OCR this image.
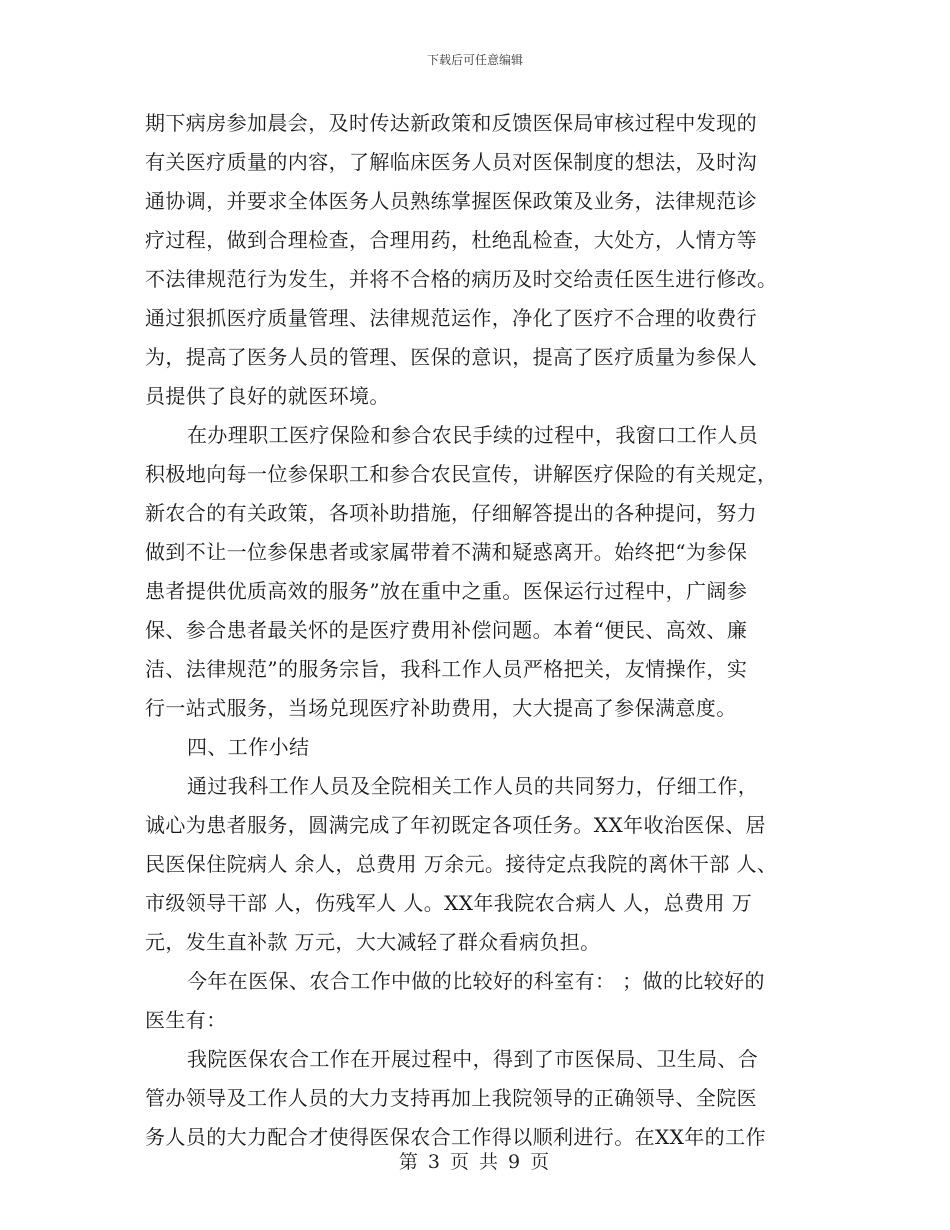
下载后可任意编辑
期下病房参加晨会，及时传达新政策和反馈医保局审核过程中发现的
有关医疗质量的内容，了解临床医务人员对医保制度的想法，及时沟
通协调，并要求全体医务人员熟练掌握医保政策及业务，法律规范诊
疗过程，做到合理检查，合理用药，杜绝乱检查，大处方，人情方等
不法律规范行为发生，并将不合格的病历及时交给责任医生进行修改。
通过狠抓医疗质量管理、法律规范运作，净化了医疗不合理的收费行
为，提高了医务人员的管理、医保的意识，提高了医疗质量为参保人
员提供了良好的就医环境。
在办理职工医疗保险和参合农民手续的过程中，我窗口工作人员
积极地向每一位参保职工和参合农民宣传，讲解医疗保险的有关规定，
新农合的有关政策，各项补助措施，仔细解答提出的各种提问，努力
做到不让一位参保患者或家属带着不满和疑惑离开。始终把“为参保
患者提供优质高效的服务”放在重中之重。医保运行过程中，广阔参
保、参合患者最关怀的是医疗费用补偿问题。本着“便民、高效、廉
洁、法律规范”的服务宗旨，我科工作人员严格把关，友情操作，实
行一站式服务，当场兑现医疗补助费用，大大提高了参保满意度。
四、工作小结
通过我科工作人员及全院相关工作人员的共同努力，仔细工作，
诚心为患者服务，圆满完成了年初既定各项任务。XX年收治医保、居
民医保住院病人 余人，总费用 万余元。接待定点我院的离休干部 人、
市级领导干部 人，伤残军人 人。XX年我院农合病人 人，总费用 万
元，发生直补款 万元，大大减轻了群众看病负担。
今年在医保、农合工作中做的比较好的科室有： ；做的比较好的
医生有：
我院医保农合工作在开展过程中，得到了市医保局、卫生局、合
管办领导及工作人员的大力支持再加上我院领导的正确领导、全院医
务人员的大力配合才使得医保农合工作得以顺利进行。在XX年的工作
第 3 页 共 9 页
